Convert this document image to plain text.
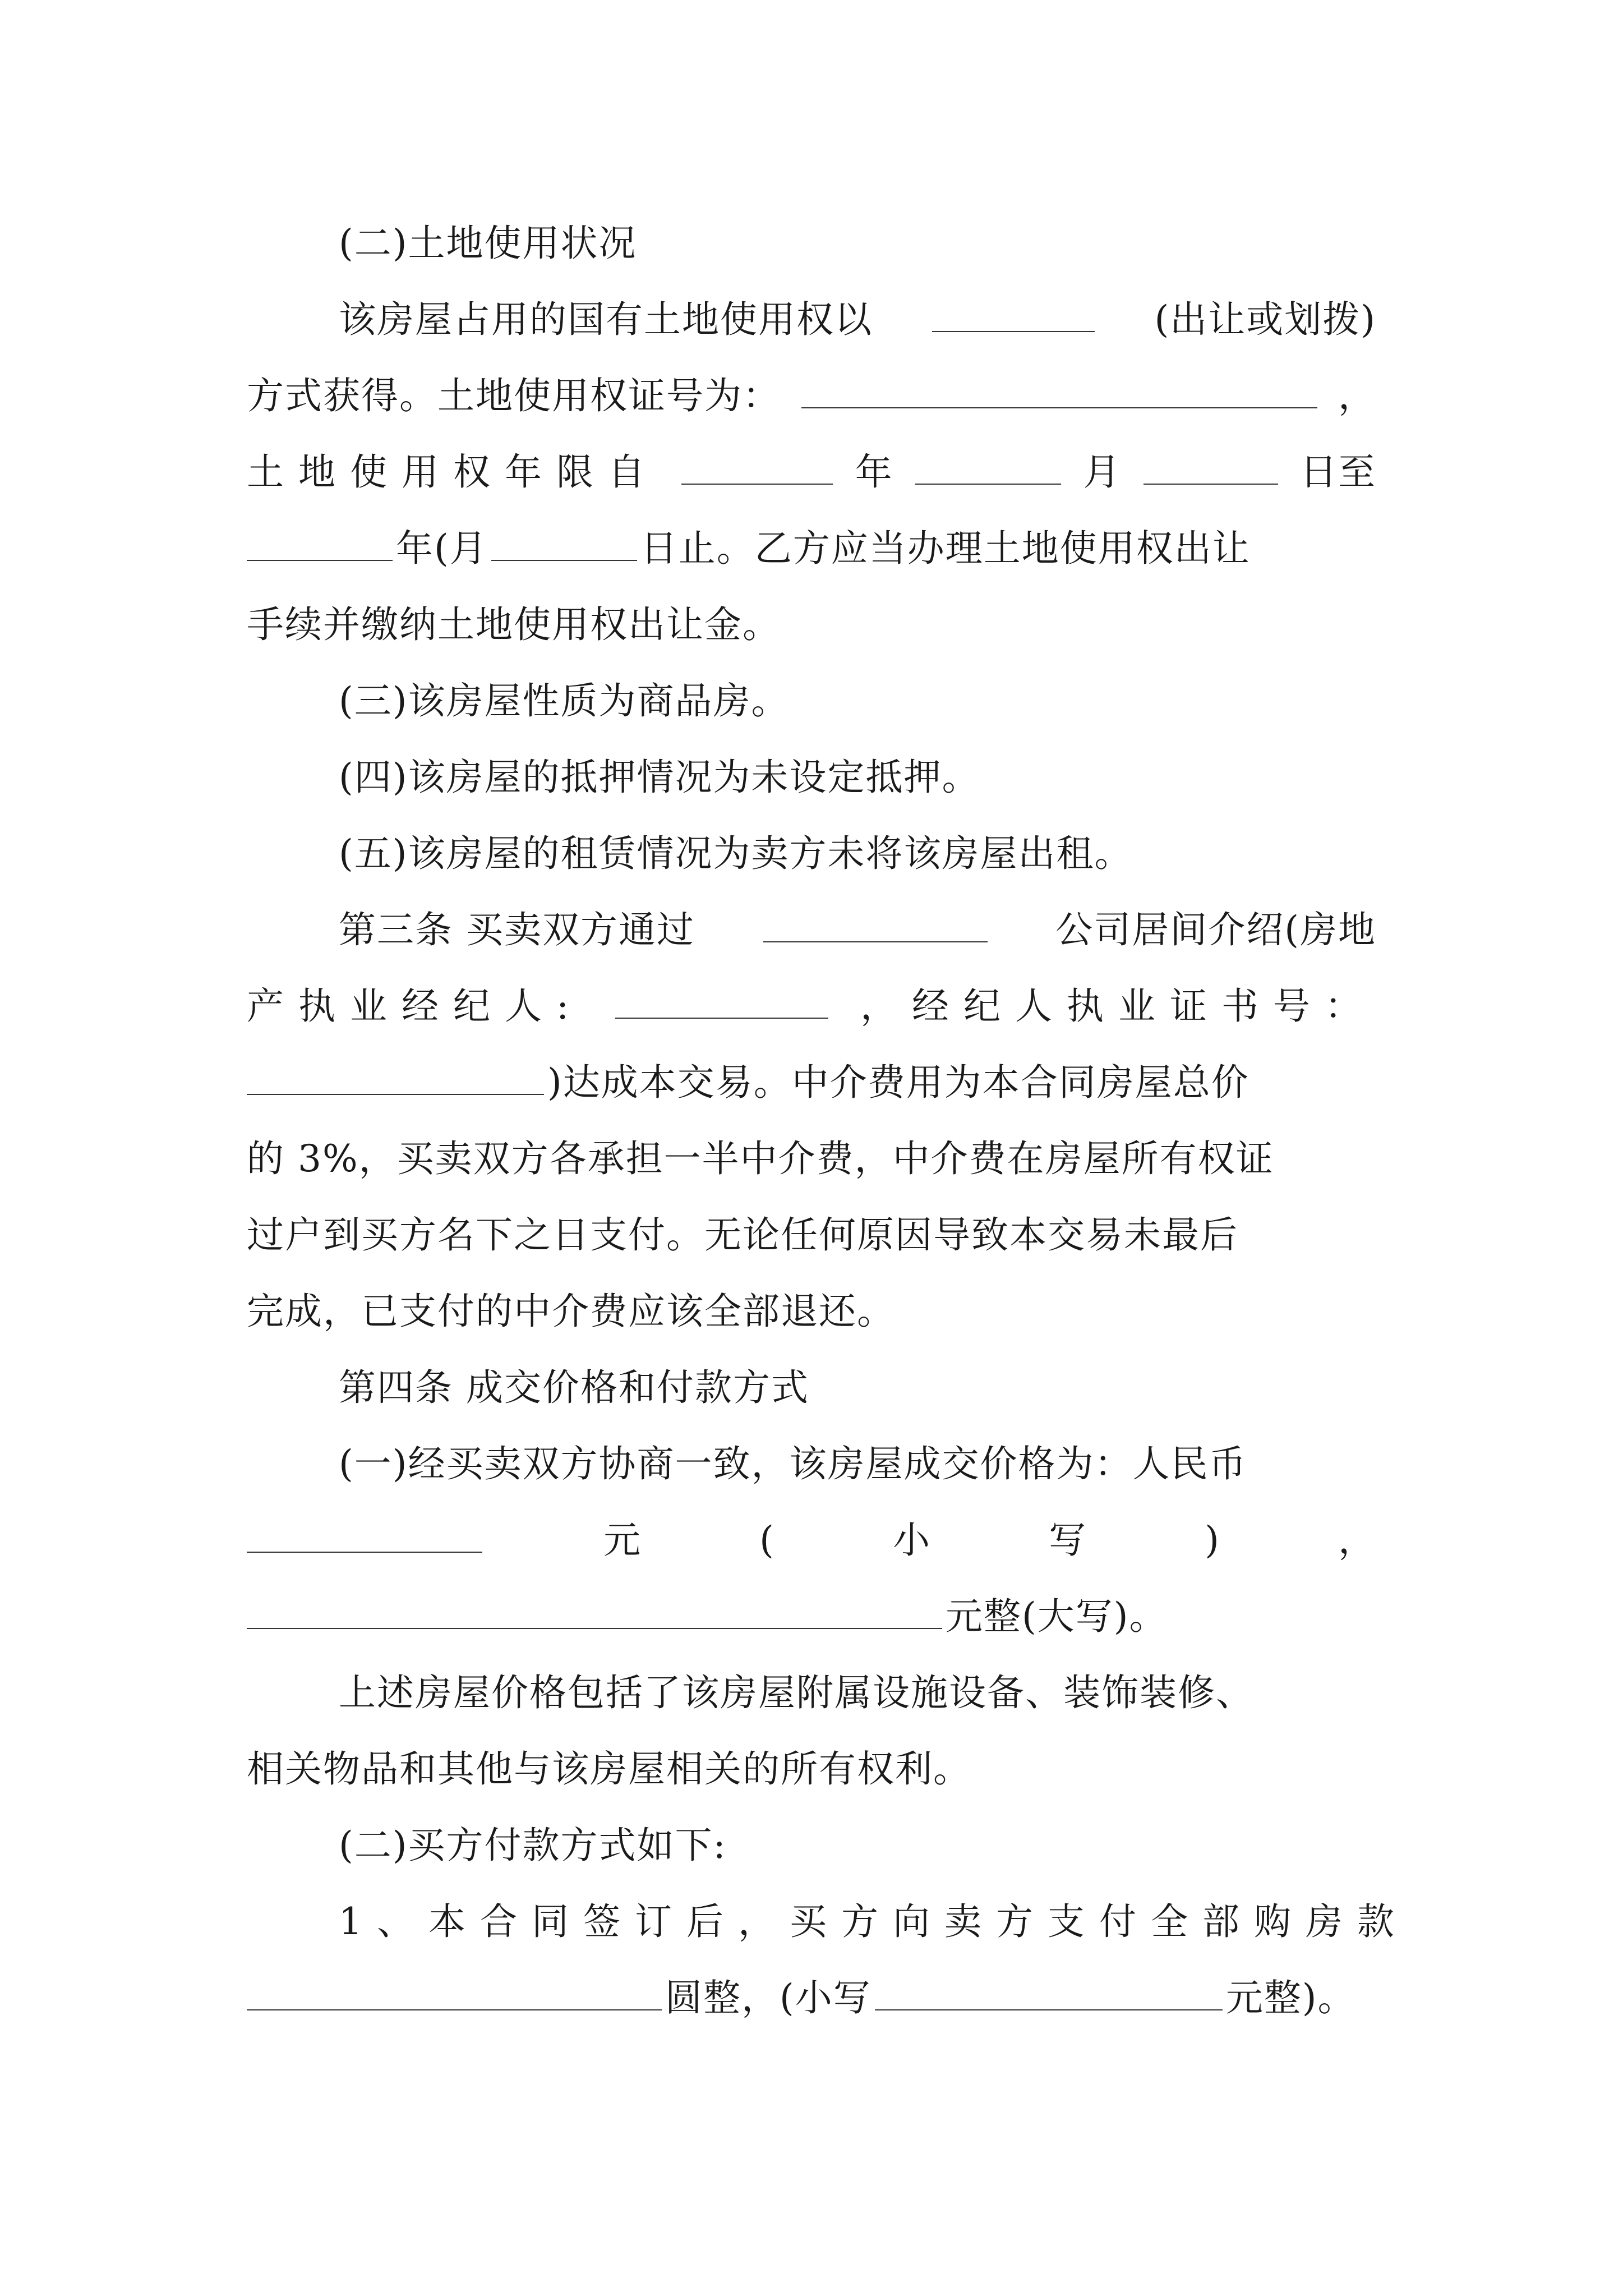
(二)土地使用状况
该房屋占用的国有土地使用权以	(出让或划拨)
方式获得。土地使用权证号为：	，
土地使用权年限自	年	月	日至
年(月	日止。乙方应当办理土地使用权出让
手续并缴纳土地使用权出让金。
(三)该房屋性质为商品房。
(四)该房屋的抵押情况为未设定抵押。
(五)该房屋的租赁情况为卖方未将该房屋出租。
第三条 买卖双方通过	公司居间介绍(房地
产执业经纪人:	，经纪人执业证书号：
)达成本交易。中介费用为本合同房屋总价
的 3%，买卖双方各承担一半中介费，中介费在房屋所有权证
过户到买方名下之日支付。无论任何原因导致本交易未最后
完成，已支付的中介费应该全部退还。
第四条 成交价格和付款方式
(一)经买卖双方协商一致，该房屋成交价格为：人民币
元	(	小	写	)	，
元整(大写)。
上述房屋价格包括了该房屋附属设施设备、装饰装修、
相关物品和其他与该房屋相关的所有权利。
(二)买方付款方式如下:
1、本合同签订后，买方向卖方支付全部购房款
圆整，(小写	元整)。
